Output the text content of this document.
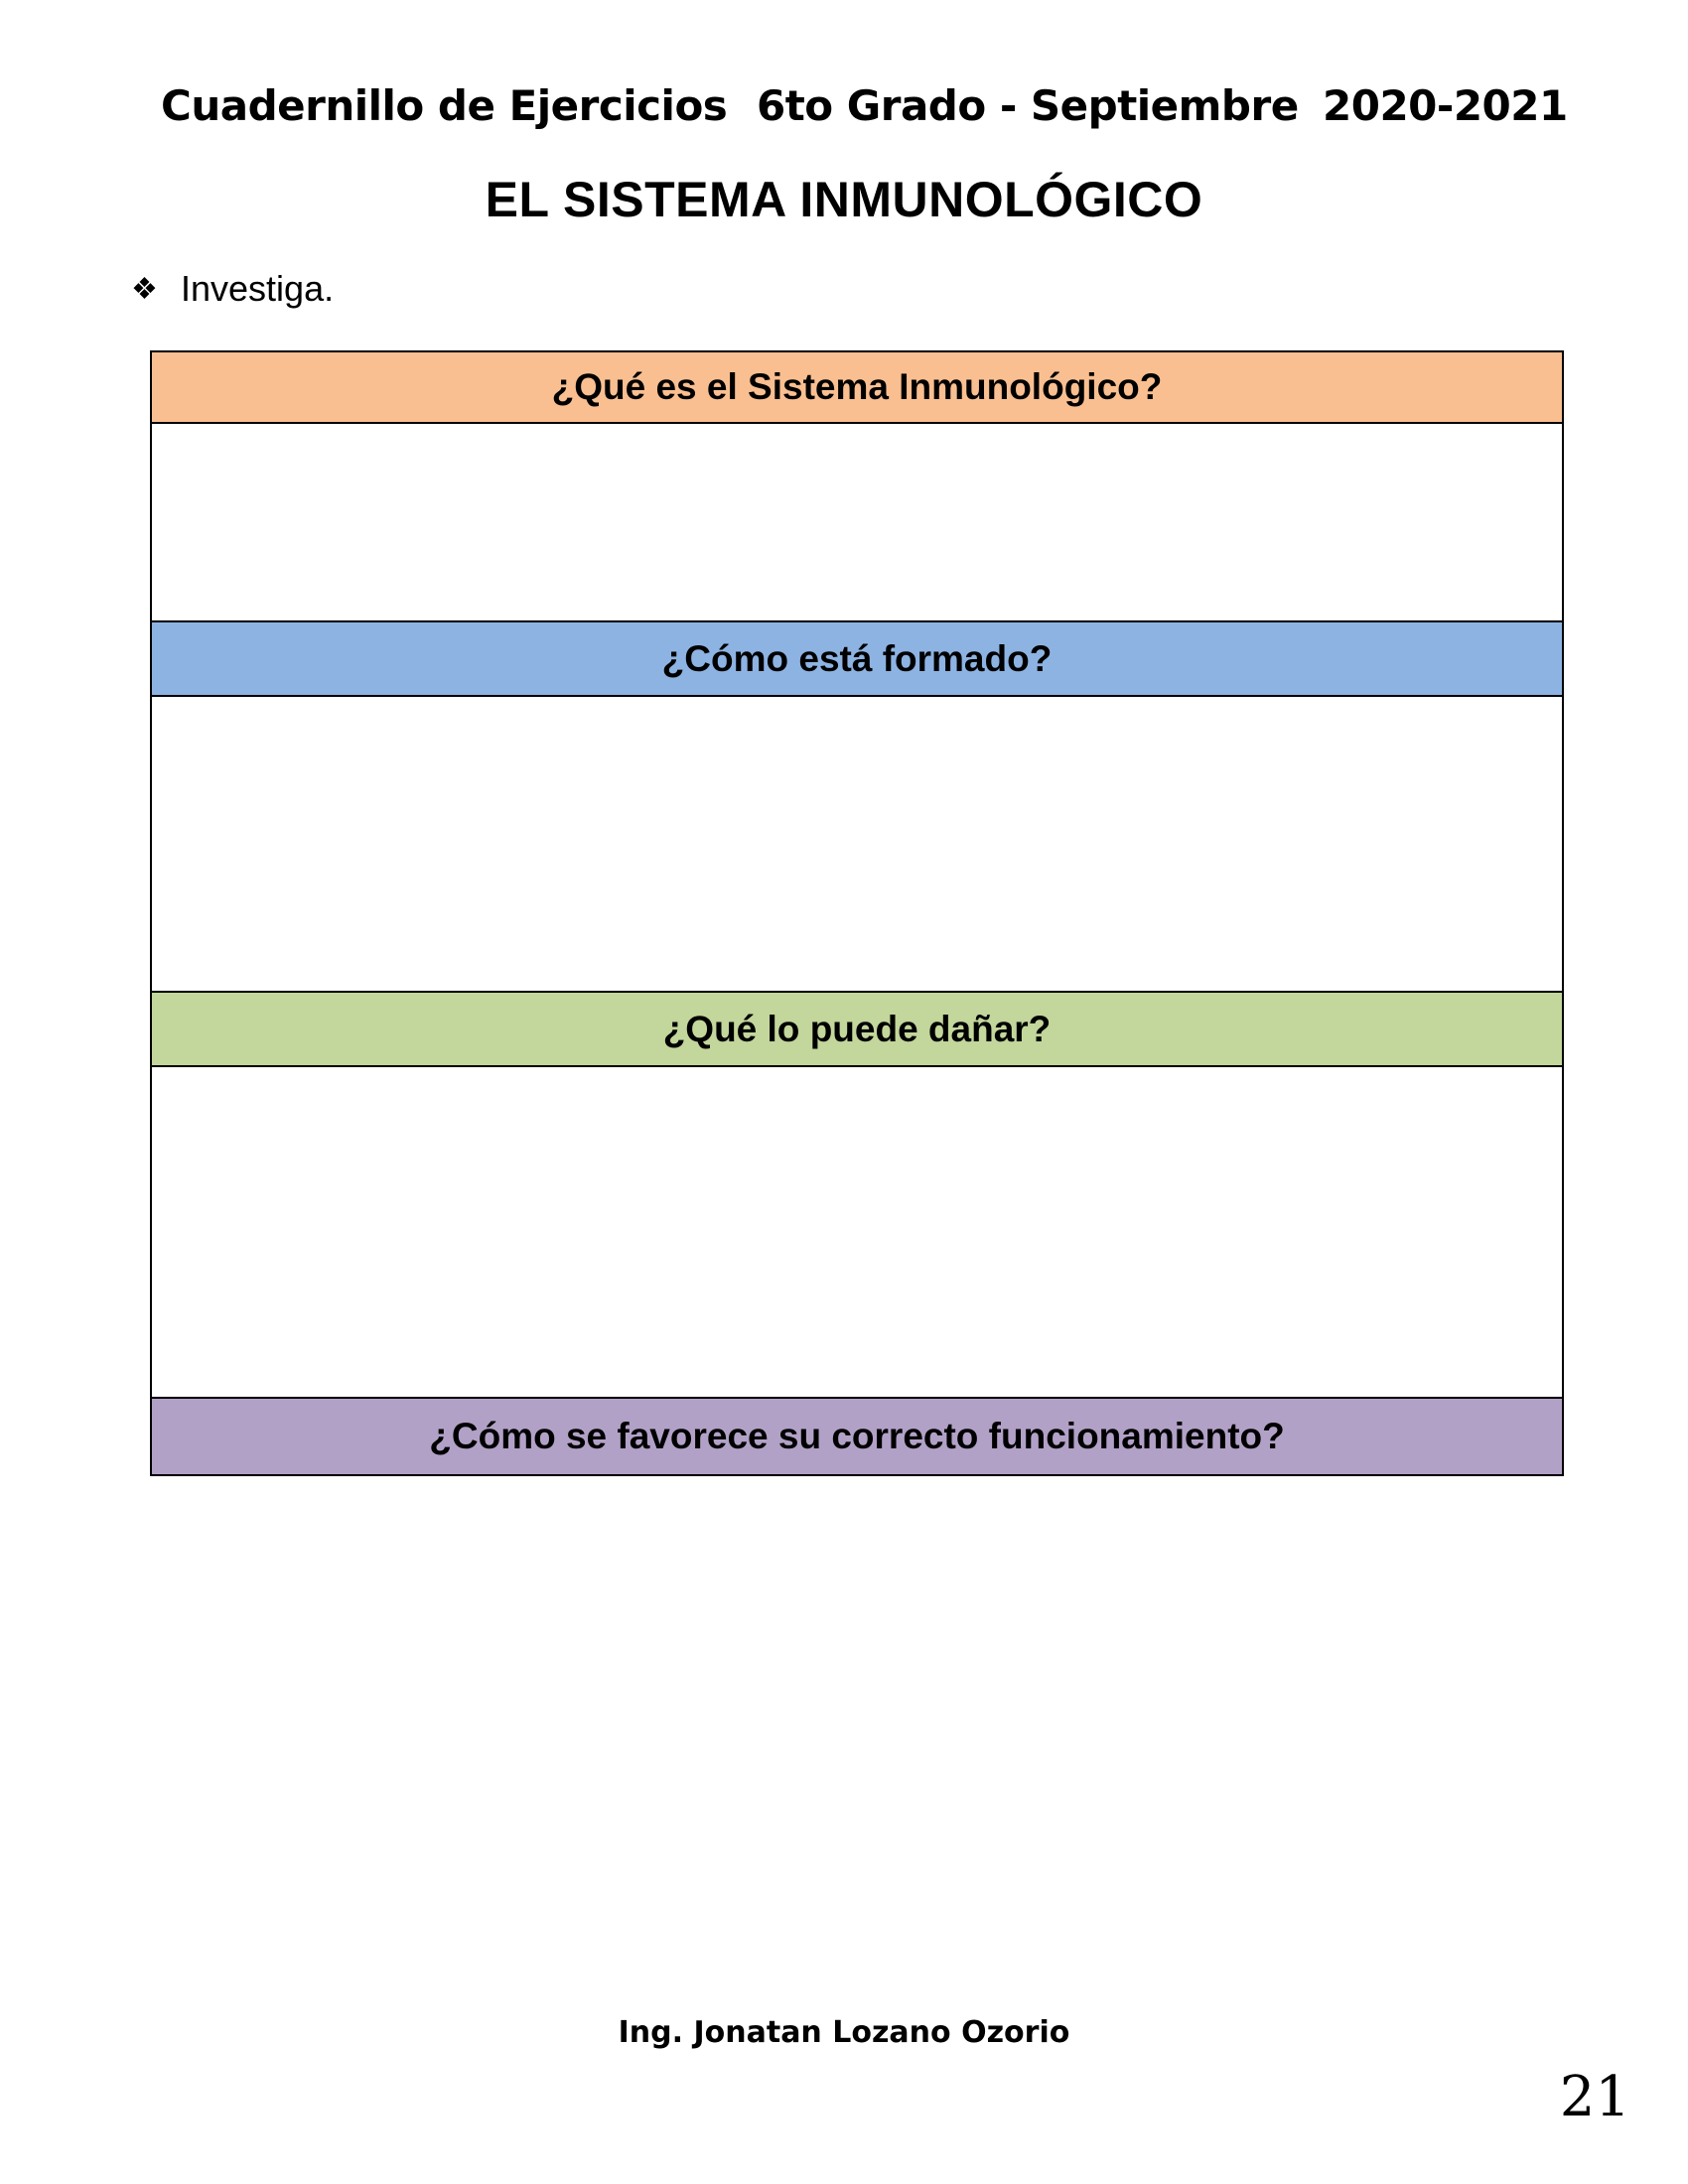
Cuadernillo de Ejercicios 6to Grado - Septiembre 2020-2021
EL SISTEMA INMUNOLÓGICO
❖ Investiga.
¿Qué es el Sistema Inmunológico?
¿Cómo está formado?
¿Qué lo puede dañar?
¿Cómo se favorece su correcto funcionamiento?
Ing. Jonatan Lozano Ozorio
21
